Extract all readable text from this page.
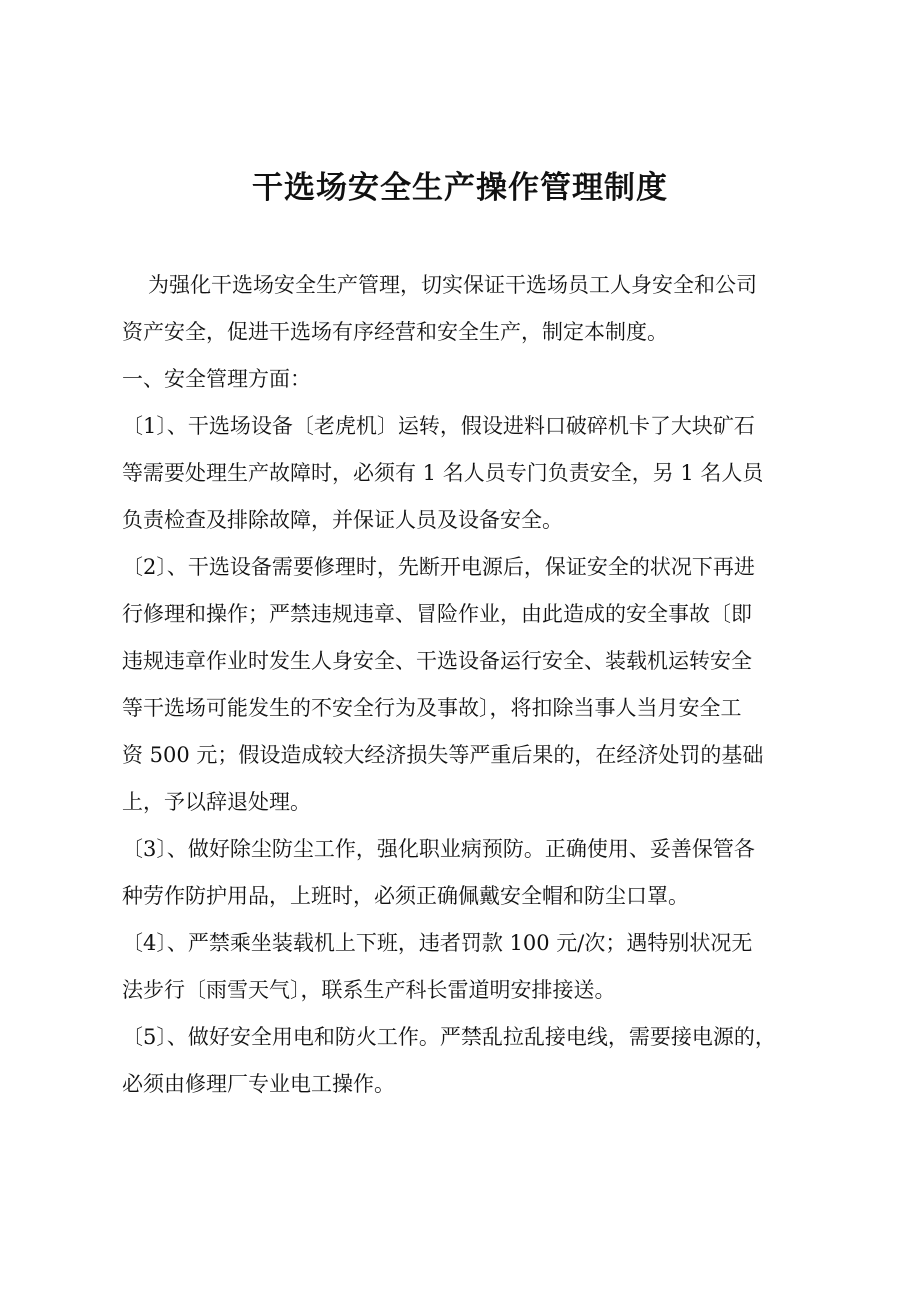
干选场安全生产操作管理制度
为强化干选场安全生产管理，切实保证干选场员工人身安全和公司
资产安全，促进干选场有序经营和安全生产，制定本制度。
一、安全管理方面：
〔1〕、干选场设备〔老虎机〕运转，假设进料口破碎机卡了大块矿石
等需要处理生产故障时，必须有 1 名人员专门负责安全，另 1 名人员
负责检查及排除故障，并保证人员及设备安全。
〔2〕、干选设备需要修理时，先断开电源后，保证安全的状况下再进
行修理和操作；严禁违规违章、冒险作业，由此造成的安全事故〔即
违规违章作业时发生人身安全、干选设备运行安全、装载机运转安全
等干选场可能发生的不安全行为及事故〕，将扣除当事人当月安全工
资 500 元；假设造成较大经济损失等严重后果的，在经济处罚的基础
上，予以辞退处理。
〔3〕、做好除尘防尘工作，强化职业病预防。正确使用、妥善保管各
种劳作防护用品，上班时，必须正确佩戴安全帽和防尘口罩。
〔4〕、严禁乘坐装载机上下班，违者罚款 100 元/次；遇特别状况无
法步行〔雨雪天气〕，联系生产科长雷道明安排接送。
〔5〕、做好安全用电和防火工作。严禁乱拉乱接电线，需要接电源的，
必须由修理厂专业电工操作。
